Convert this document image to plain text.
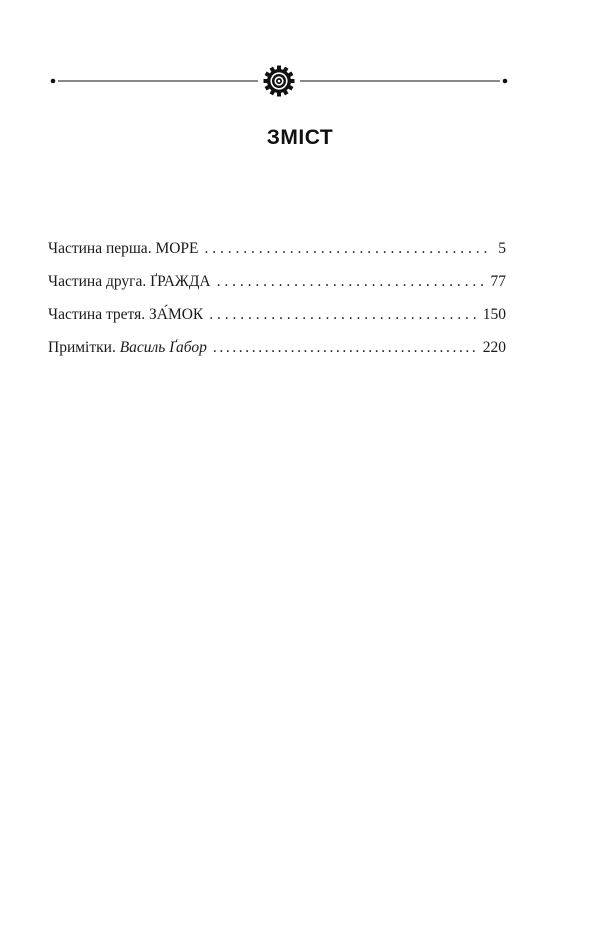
ЗМІСТ
Частина перша. МОРЕ . . .	5
Частина друга. ҐРАЖДА . . .	77
Частина третя. ЗА́МОК . . .	150
Примітки. Василь Ґабор .....	220
